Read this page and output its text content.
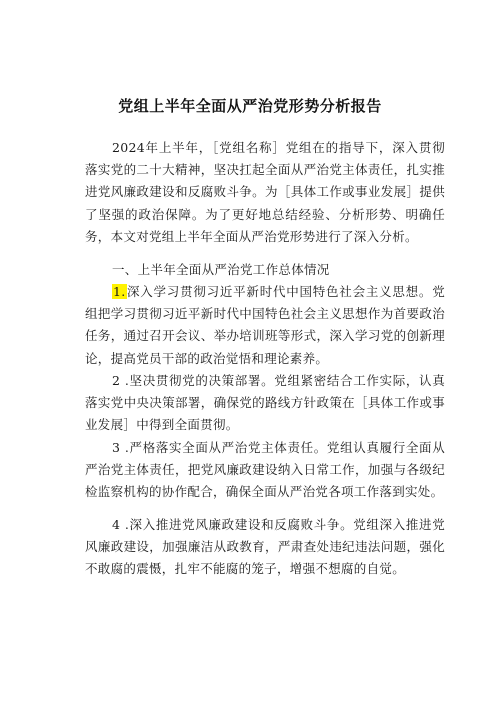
党组上半年全面从严治党形势分析报告

2024年上半年，［党组名称］党组在的指导下，深入贯彻落实党的二十大精神，坚决扛起全面从严治党主体责任，扎实推进党风廉政建设和反腐败斗争。为［具体工作或事业发展］提供了坚强的政治保障。为了更好地总结经验、分析形势、明确任务，本文对党组上半年全面从严治党形势进行了深入分析。

一、上半年全面从严治党工作总体情况

1.深入学习贯彻习近平新时代中国特色社会主义思想。党组把学习贯彻习近平新时代中国特色社会主义思想作为首要政治任务，通过召开会议、举办培训班等形式，深入学习党的创新理论，提高党员干部的政治觉悟和理论素养。

2 .坚决贯彻党的决策部署。党组紧密结合工作实际，认真落实党中央决策部署，确保党的路线方针政策在［具体工作或事业发展］中得到全面贯彻。

3 .严格落实全面从严治党主体责任。党组认真履行全面从严治党主体责任，把党风廉政建设纳入日常工作，加强与各级纪检监察机构的协作配合，确保全面从严治党各项工作落到实处。

4 .深入推进党风廉政建设和反腐败斗争。党组深入推进党风廉政建设，加强廉洁从政教育，严肃查处违纪违法问题，强化不敢腐的震慑，扎牢不能腐的笼子，增强不想腐的自觉。
